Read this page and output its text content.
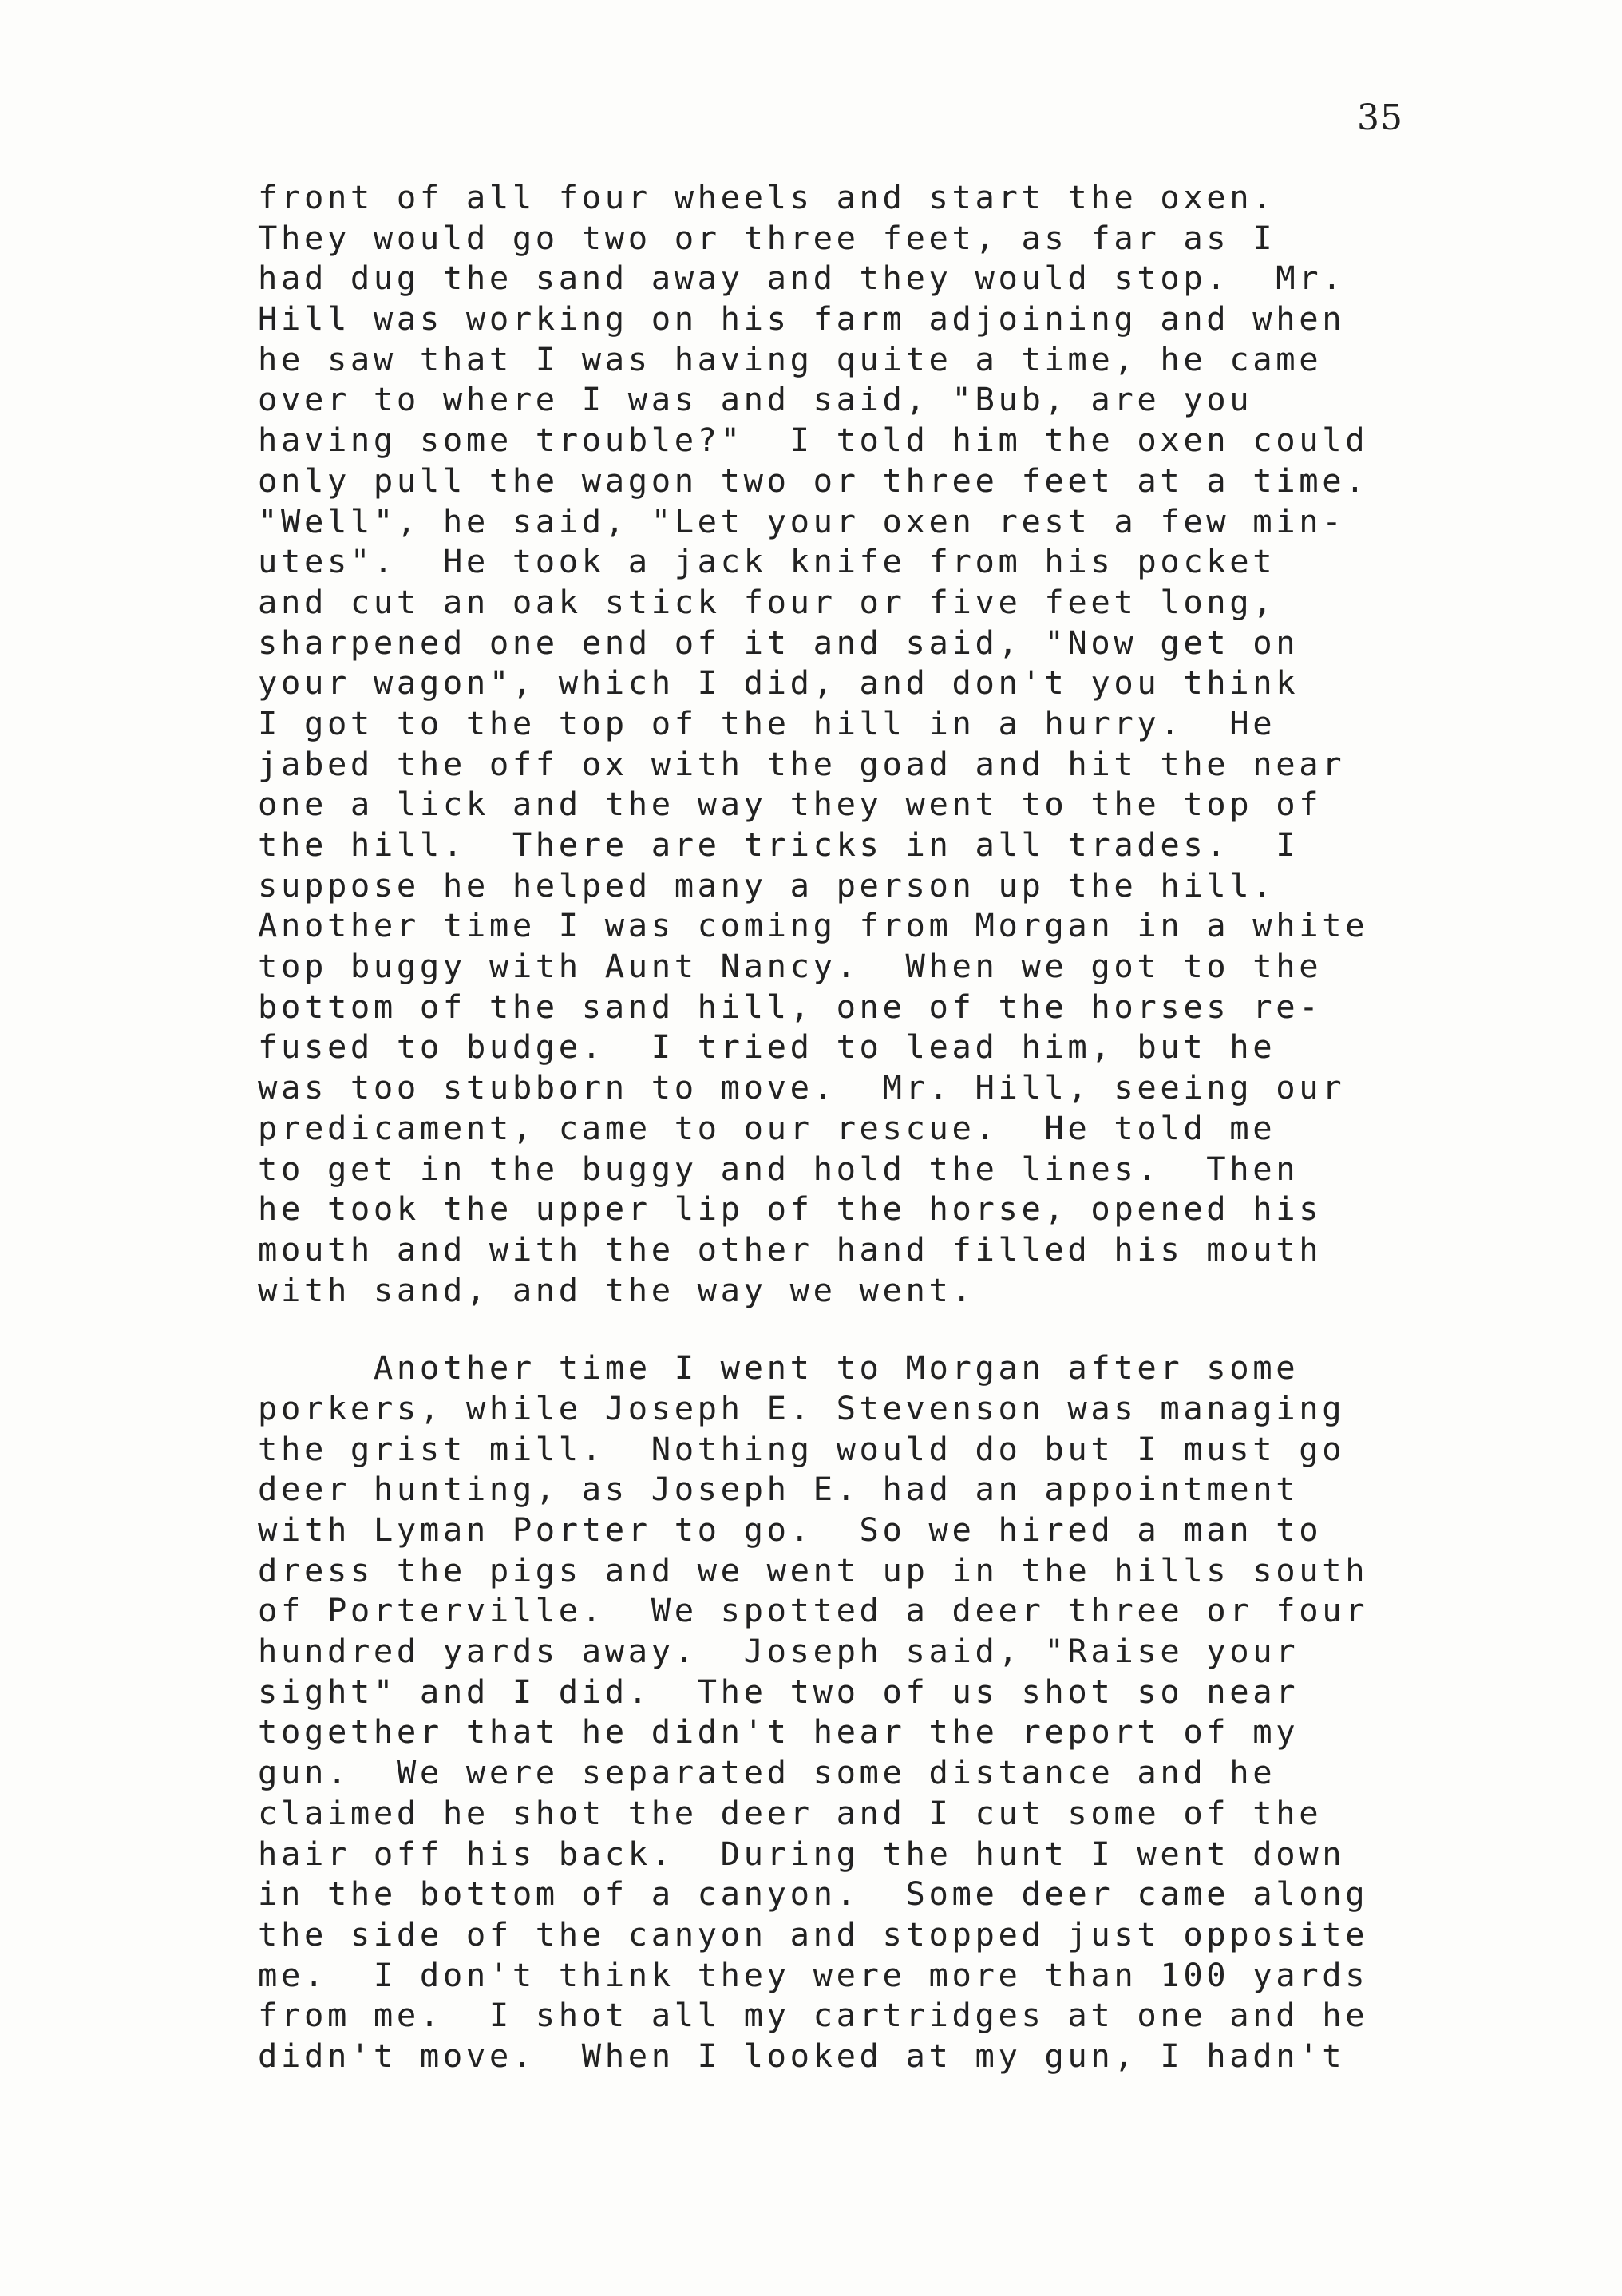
35
front of all four wheels and start the oxen.
They would go two or three feet, as far as I
had dug the sand away and they would stop.  Mr.
Hill was working on his farm adjoining and when
he saw that I was having quite a time, he came
over to where I was and said, "Bub, are you
having some trouble?"  I told him the oxen could
only pull the wagon two or three feet at a time.
"Well", he said, "Let your oxen rest a few min-
utes".  He took a jack knife from his pocket
and cut an oak stick four or five feet long,
sharpened one end of it and said, "Now get on
your wagon", which I did, and don't you think
I got to the top of the hill in a hurry.  He
jabed the off ox with the goad and hit the near
one a lick and the way they went to the top of
the hill.  There are tricks in all trades.  I
suppose he helped many a person up the hill.
Another time I was coming from Morgan in a white
top buggy with Aunt Nancy.  When we got to the
bottom of the sand hill, one of the horses re-
fused to budge.  I tried to lead him, but he
was too stubborn to move.  Mr. Hill, seeing our
predicament, came to our rescue.  He told me
to get in the buggy and hold the lines.  Then
he took the upper lip of the horse, opened his
mouth and with the other hand filled his mouth
with sand, and the way we went.
Another time I went to Morgan after some
porkers, while Joseph E. Stevenson was managing
the grist mill.  Nothing would do but I must go
deer hunting, as Joseph E. had an appointment
with Lyman Porter to go.  So we hired a man to
dress the pigs and we went up in the hills south
of Porterville.  We spotted a deer three or four
hundred yards away.  Joseph said, "Raise your
sight" and I did.  The two of us shot so near
together that he didn't hear the report of my
gun.  We were separated some distance and he
claimed he shot the deer and I cut some of the
hair off his back.  During the hunt I went down
in the bottom of a canyon.  Some deer came along
the side of the canyon and stopped just opposite
me.  I don't think they were more than 100 yards
from me.  I shot all my cartridges at one and he
didn't move.  When I looked at my gun, I hadn't
